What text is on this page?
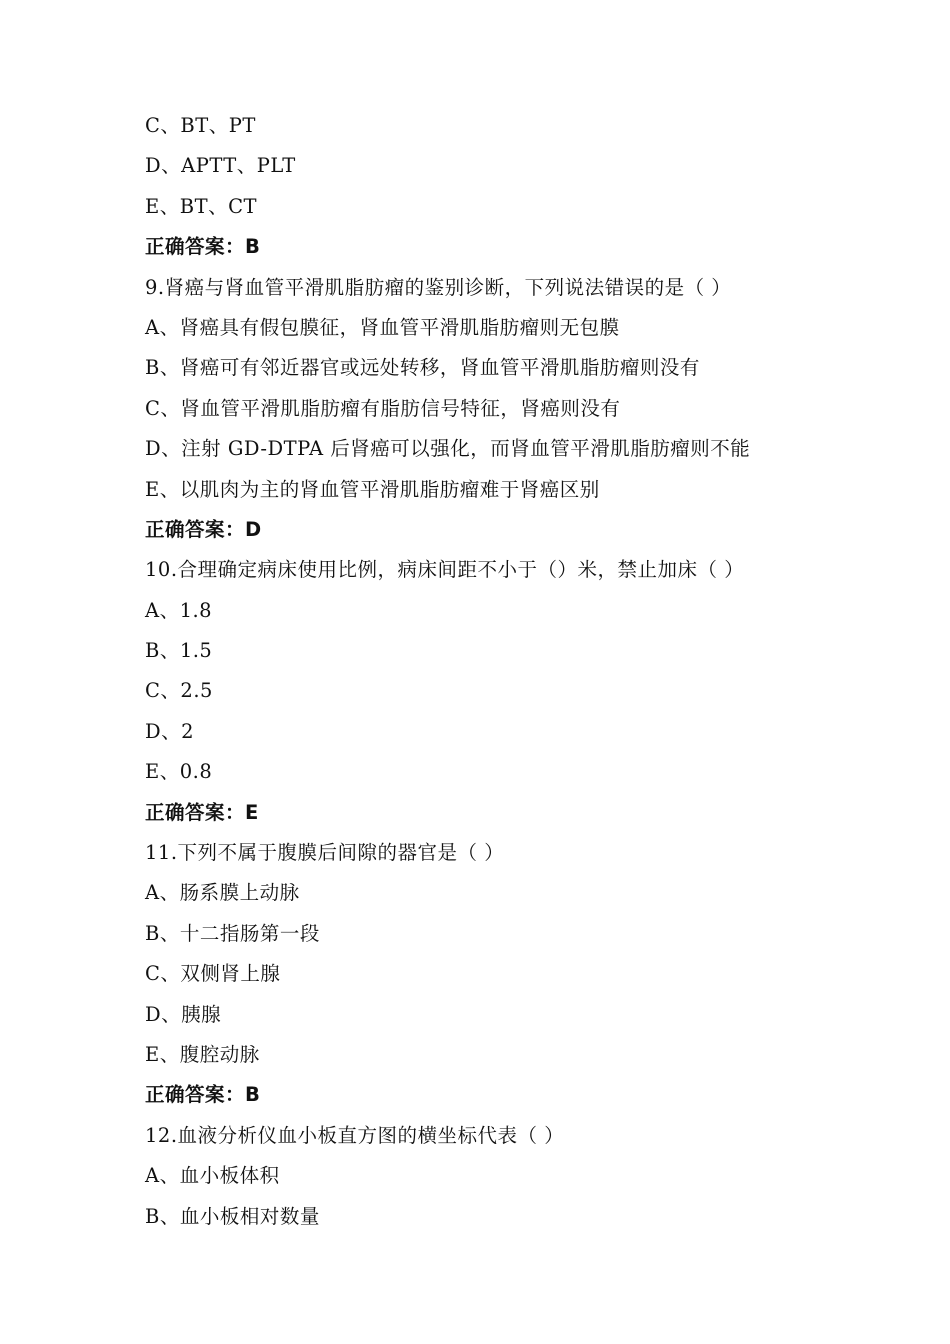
C、BT、PT
D、APTT、PLT
E、BT、CT
正确答案：B
9.肾癌与肾血管平滑肌脂肪瘤的鉴别诊断，下列说法错误的是（ ）
A、肾癌具有假包膜征，肾血管平滑肌脂肪瘤则无包膜
B、肾癌可有邻近器官或远处转移，肾血管平滑肌脂肪瘤则没有
C、肾血管平滑肌脂肪瘤有脂肪信号特征，肾癌则没有
D、注射 GD-DTPA 后肾癌可以强化，而肾血管平滑肌脂肪瘤则不能
E、以肌肉为主的肾血管平滑肌脂肪瘤难于肾癌区别
正确答案：D
10.合理确定病床使用比例，病床间距不小于（）米，禁止加床（ ）
A、1.8
B、1.5
C、2.5
D、2
E、0.8
正确答案：E
11.下列不属于腹膜后间隙的器官是（ ）
A、肠系膜上动脉
B、十二指肠第一段
C、双侧肾上腺
D、胰腺
E、腹腔动脉
正确答案：B
12.血液分析仪血小板直方图的横坐标代表（ ）
A、血小板体积
B、血小板相对数量
